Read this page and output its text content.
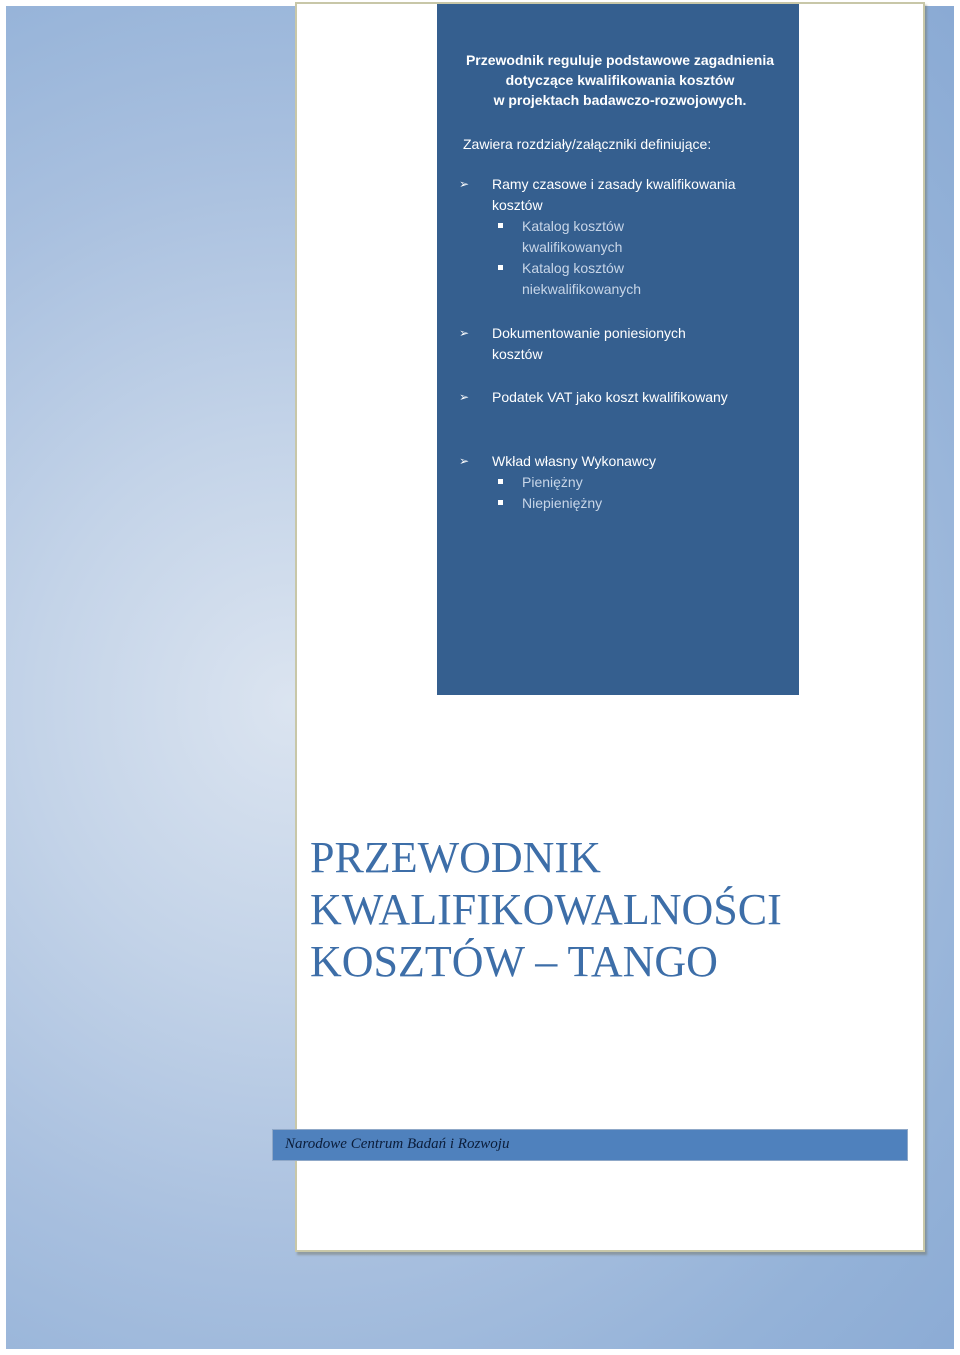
Przewodnik reguluje podstawowe zagadnienia
dotyczące kwalifikowania kosztów
w projektach badawczo-rozwojowych.
Zawiera rozdziały/załączniki definiujące:
➢ Ramy czasowe i zasady kwalifikowania kosztów
Katalog kosztów kwalifikowanych
Katalog kosztów niekwalifikowanych
➢ Dokumentowanie poniesionych kosztów
➢ Podatek VAT jako koszt kwalifikowany
➢ Wkład własny Wykonawcy
Pieniężny
Niepieniężny
PRZEWODNIK
KWALIFIKOWALNOŚCI
KOSZTÓW – TANGO
Narodowe Centrum Badań i Rozwoju
